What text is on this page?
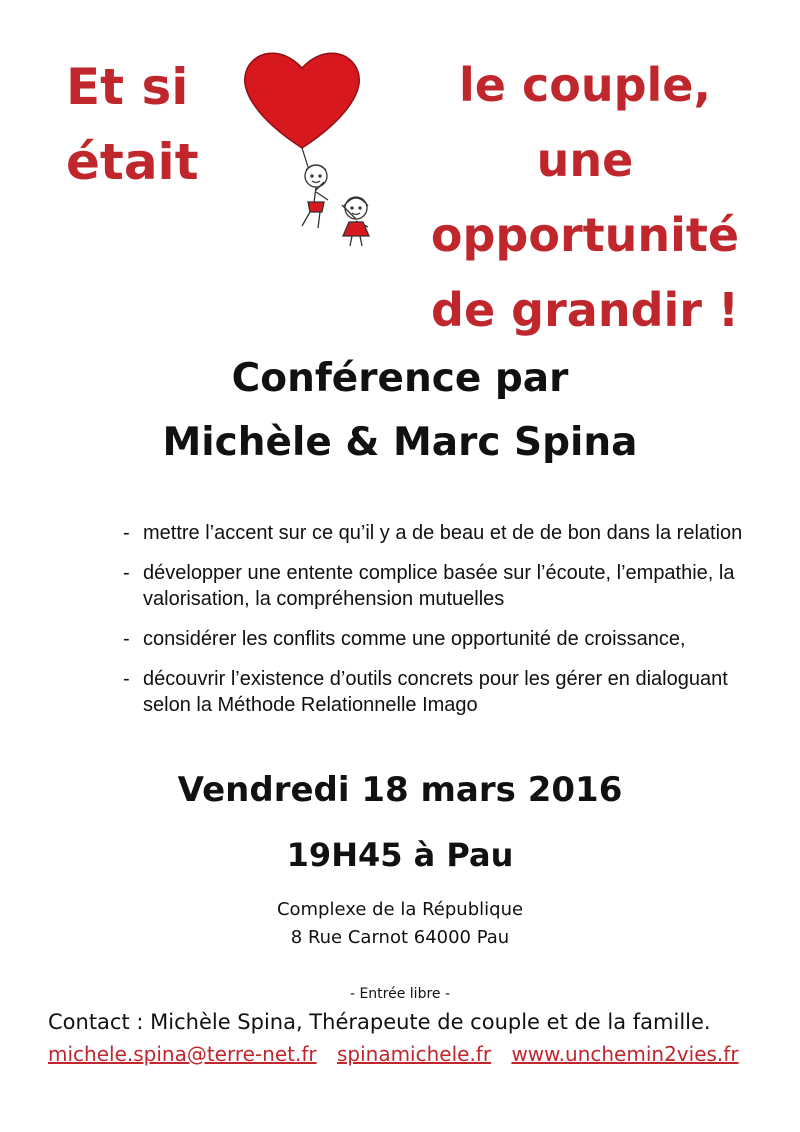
Et si
était
le couple,
une
opportunité
de grandir !
Conférence par
Michèle & Marc Spina
- mettre l’accent sur ce qu’il y a de beau et de de bon dans la relation
- développer une entente complice basée sur l’écoute, l’empathie, la valorisation, la compréhension mutuelles
- considérer les conflits comme une opportunité de croissance,
- découvrir l’existence d’outils concrets pour les gérer en dialoguant selon la Méthode Relationnelle Imago
Vendredi 18 mars 2016
19H45 à Pau
Complexe de la République
8 Rue Carnot 64000 Pau
- Entrée libre -
Contact : Michèle Spina, Thérapeute de couple et de la famille.
michele.spina@terre-net.fr spinamichele.fr www.unchemin2vies.fr
